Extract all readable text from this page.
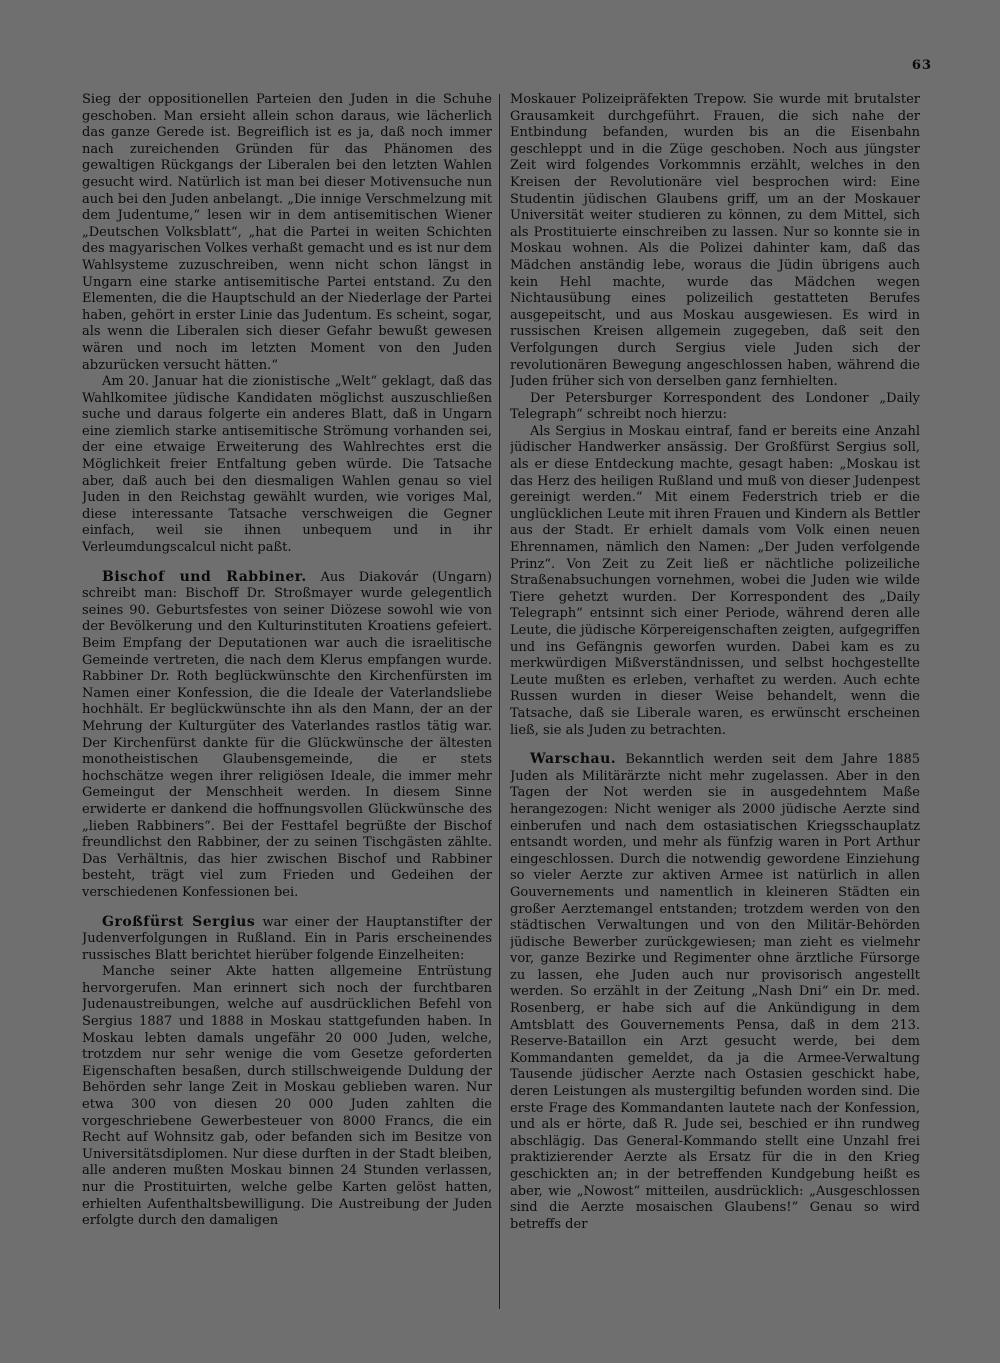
63

Sieg der oppositionellen Parteien den Juden in die Schuhe geschoben. Man ersieht allein schon daraus, wie lächerlich das ganze Gerede ist. Begreiflich ist es ja, daß noch immer nach zureichenden Gründen für das Phänomen des gewaltigen Rückgangs der Liberalen bei den letzten Wahlen gesucht wird. Natürlich ist man bei dieser Motivensuche nun auch bei den Juden anbelangt. „Die innige Verschmelzung mit dem Judentume,“ lesen wir in dem antisemitischen Wiener „Deutschen Volksblatt“, „hat die Partei in weiten Schichten des magyarischen Volkes verhaßt gemacht und es ist nur dem Wahlsysteme zuzuschreiben, wenn nicht schon längst in Ungarn eine starke antisemitische Partei entstand. Zu den Elementen, die die Hauptschuld an der Niederlage der Partei haben, gehört in erster Linie das Judentum. Es scheint, sogar, als wenn die Liberalen sich dieser Gefahr bewußt gewesen wären und noch im letzten Moment von den Juden abzurücken versucht hätten.“

Am 20. Januar hat die zionistische „Welt“ geklagt, daß das Wahlkomitee jüdische Kandidaten möglichst auszuschließen suche und daraus folgerte ein anderes Blatt, daß in Ungarn eine ziemlich starke antisemitische Strömung vorhanden sei, der eine etwaige Erweiterung des Wahlrechtes erst die Möglichkeit freier Entfaltung geben würde. Die Tatsache aber, daß auch bei den diesmaligen Wahlen genau so viel Juden in den Reichstag gewählt wurden, wie voriges Mal, diese interessante Tatsache verschweigen die Gegner einfach, weil sie ihnen unbequem und in ihr Verleumdungscalcul nicht paßt.

Bischof und Rabbiner. Aus Diakovár (Ungarn) schreibt man: Bischoff Dr. Stroßmayer wurde gelegentlich seines 90. Geburtsfestes von seiner Diözese sowohl wie von der Bevölkerung und den Kulturinstituten Kroatiens gefeiert. Beim Empfang der Deputationen war auch die israelitische Gemeinde vertreten, die nach dem Klerus empfangen wurde. Rabbiner Dr. Roth beglückwünschte den Kirchenfürsten im Namen einer Konfession, die die Ideale der Vaterlandsliebe hochhält. Er beglückwünschte ihn als den Mann, der an der Mehrung der Kulturgüter des Vaterlandes rastlos tätig war. Der Kirchenfürst dankte für die Glückwünsche der ältesten monotheistischen Glaubensgemeinde, die er stets hochschätze wegen ihrer religiösen Ideale, die immer mehr Gemeingut der Menschheit werden. In diesem Sinne erwiderte er dankend die hoffnungsvollen Glückwünsche des „lieben Rabbiners“. Bei der Festtafel begrüßte der Bischof freundlichst den Rabbiner, der zu seinen Tischgästen zählte. Das Verhältnis, das hier zwischen Bischof und Rabbiner besteht, trägt viel zum Frieden und Gedeihen der verschiedenen Konfessionen bei.

Großfürst Sergius war einer der Hauptanstifter der Judenverfolgungen in Rußland. Ein in Paris erscheinendes russisches Blatt berichtet hierüber folgende Einzelheiten:

Manche seiner Akte hatten allgemeine Entrüstung hervorgerufen. Man erinnert sich noch der furchtbaren Judenaustreibungen, welche auf ausdrücklichen Befehl von Sergius 1887 und 1888 in Moskau stattgefunden haben. In Moskau lebten damals ungefähr 20 000 Juden, welche, trotzdem nur sehr wenige die vom Gesetze geforderten Eigenschaften besaßen, durch stillschweigende Duldung der Behörden sehr lange Zeit in Moskau geblieben waren. Nur etwa 300 von diesen 20 000 Juden zahlten die vorgeschriebene Gewerbesteuer von 8000 Francs, die ein Recht auf Wohnsitz gab, oder befanden sich im Besitze von Universitätsdiplomen. Nur diese durften in der Stadt bleiben, alle anderen mußten Moskau binnen 24 Stunden verlassen, nur die Prostituirten, welche gelbe Karten gelöst hatten, erhielten Aufenthaltsbewilligung. Die Austreibung der Juden erfolgte durch den damaligen

Moskauer Polizeipräfekten Trepow. Sie wurde mit brutalster Grausamkeit durchgeführt. Frauen, die sich nahe der Entbindung befanden, wurden bis an die Eisenbahn geschleppt und in die Züge geschoben. Noch aus jüngster Zeit wird folgendes Vorkommnis erzählt, welches in den Kreisen der Revolutionäre viel besprochen wird: Eine Studentin jüdischen Glaubens griff, um an der Moskauer Universität weiter studieren zu können, zu dem Mittel, sich als Prostituierte einschreiben zu lassen. Nur so konnte sie in Moskau wohnen. Als die Polizei dahinter kam, daß das Mädchen anständig lebe, woraus die Jüdin übrigens auch kein Hehl machte, wurde das Mädchen wegen Nichtausübung eines polizeilich gestatteten Berufes ausgepeitscht, und aus Moskau ausgewiesen. Es wird in russischen Kreisen allgemein zugegeben, daß seit den Verfolgungen durch Sergius viele Juden sich der revolutionären Bewegung angeschlossen haben, während die Juden früher sich von derselben ganz fernhielten.

Der Petersburger Korrespondent des Londoner „Daily Telegraph“ schreibt noch hierzu:

Als Sergius in Moskau eintraf, fand er bereits eine Anzahl jüdischer Handwerker ansässig. Der Großfürst Sergius soll, als er diese Entdeckung machte, gesagt haben: „Moskau ist das Herz des heiligen Rußland und muß von dieser Judenpest gereinigt werden.“ Mit einem Federstrich trieb er die unglücklichen Leute mit ihren Frauen und Kindern als Bettler aus der Stadt. Er erhielt damals vom Volk einen neuen Ehrennamen, nämlich den Namen: „Der Juden verfolgende Prinz“. Von Zeit zu Zeit ließ er nächtliche polizeiliche Straßenabsuchungen vornehmen, wobei die Juden wie wilde Tiere gehetzt wurden. Der Korrespondent des „Daily Telegraph“ entsinnt sich einer Periode, während deren alle Leute, die jüdische Körpereigenschaften zeigten, aufgegriffen und ins Gefängnis geworfen wurden. Dabei kam es zu merkwürdigen Mißverständnissen, und selbst hochgestellte Leute mußten es erleben, verhaftet zu werden. Auch echte Russen wurden in dieser Weise behandelt, wenn die Tatsache, daß sie Liberale waren, es erwünscht erscheinen ließ, sie als Juden zu betrachten.

Warschau. Bekanntlich werden seit dem Jahre 1885 Juden als Militärärzte nicht mehr zugelassen. Aber in den Tagen der Not werden sie in ausgedehntem Maße herangezogen: Nicht weniger als 2000 jüdische Aerzte sind einberufen und nach dem ostasiatischen Kriegsschauplatz entsandt worden, und mehr als fünfzig waren in Port Arthur eingeschlossen. Durch die notwendig gewordene Einziehung so vieler Aerzte zur aktiven Armee ist natürlich in allen Gouvernements und namentlich in kleineren Städten ein großer Aerztemangel entstanden; trotzdem werden von den städtischen Verwaltungen und von den Militär-Behörden jüdische Bewerber zurückgewiesen; man zieht es vielmehr vor, ganze Bezirke und Regimenter ohne ärztliche Fürsorge zu lassen, ehe Juden auch nur provisorisch angestellt werden. So erzählt in der Zeitung „Nash Dni“ ein Dr. med. Rosenberg, er habe sich auf die Ankündigung in dem Amtsblatt des Gouvernements Pensa, daß in dem 213. Reserve-Bataillon ein Arzt gesucht werde, bei dem Kommandanten gemeldet, da ja die Armee-Verwaltung Tausende jüdischer Aerzte nach Ostasien geschickt habe, deren Leistungen als mustergiltig befunden worden sind. Die erste Frage des Kommandanten lautete nach der Konfession, und als er hörte, daß R. Jude sei, beschied er ihn rundweg abschlägig. Das General-Kommando stellt eine Unzahl frei praktizierender Aerzte als Ersatz für die in den Krieg geschickten an; in der betreffenden Kundgebung heißt es aber, wie „Nowost“ mitteilen, ausdrücklich: „Ausgeschlossen sind die Aerzte mosaischen Glaubens!“ Genau so wird betreffs der
